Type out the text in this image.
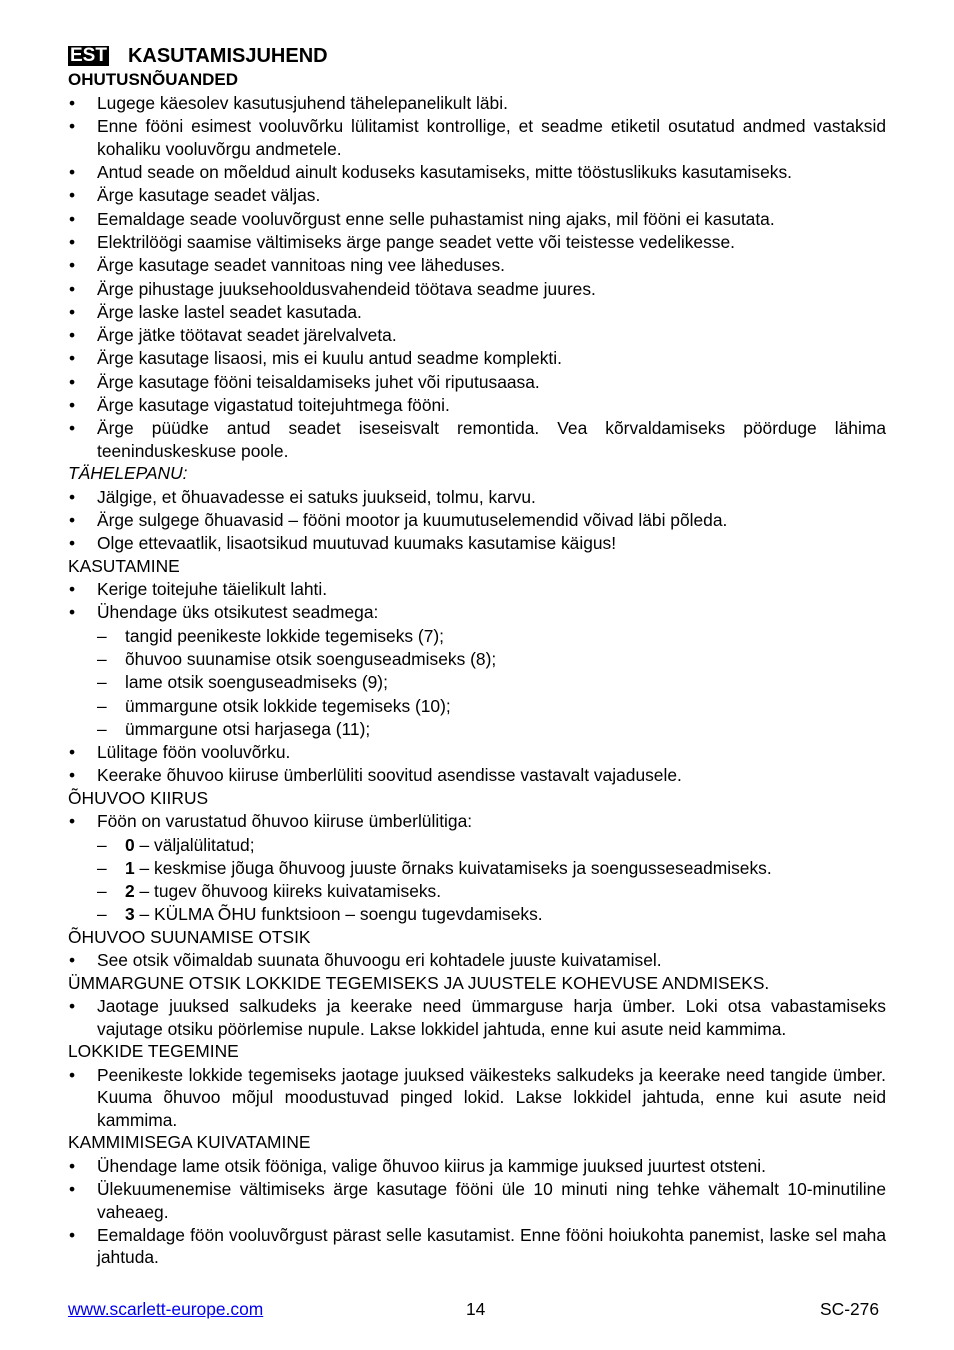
EST KASUTAMISJUHEND
OHUTUSNÕUANDED
•	Lugege käesolev kasutusjuhend tähelepanelikult läbi.
•	Enne fööni esimest vooluvõrku lülitamist kontrollige, et seadme etiketil osutatud andmed vastaksid kohaliku vooluvõrgu andmetele.
•	Antud seade on mõeldud ainult koduseks kasutamiseks, mitte tööstuslikuks kasutamiseks.
•	Ärge kasutage seadet väljas.
•	Eemaldage seade vooluvõrgust enne selle puhastamist ning ajaks, mil fööni ei kasutata.
•	Elektrilöögi saamise vältimiseks ärge pange seadet vette või teistesse vedelikesse.
•	Ärge kasutage seadet vannitoas ning vee läheduses.
•	Ärge pihustage juuksehooldusvahendeid töötava seadme juures.
•	Ärge laske lastel seadet kasutada.
•	Ärge jätke töötavat seadet järelvalveta.
•	Ärge kasutage lisaosi, mis ei kuulu antud seadme komplekti.
•	Ärge kasutage fööni teisaldamiseks juhet või riputusaasa.
•	Ärge kasutage vigastatud toitejuhtmega fööni.
•	Ärge püüdke antud seadet iseseisvalt remontida. Vea kõrvaldamiseks pöörduge lähima teeninduskeskuse poole.
TÄHELEPANU:
•	Jälgige, et õhuavadesse ei satuks juukseid, tolmu, karvu.
•	Ärge sulgege õhuavasid – fööni mootor ja kuumutuselemendid võivad läbi põleda.
•	Olge ettevaatlik, lisaotsikud muutuvad kuumaks kasutamise käigus!
KASUTAMINE
•	Kerige toitejuhe täielikult lahti.
•	Ühendage üks otsikutest seadmega:
–	tangid peenikeste lokkide tegemiseks (7);
–	õhuvoo suunamise otsik soenguseadmiseks (8);
–	lame otsik soenguseadmiseks (9);
–	ümmargune otsik lokkide tegemiseks (10);
–	ümmargune otsi harjasega (11);
•	Lülitage föön vooluvõrku.
•	Keerake õhuvoo kiiruse ümberlüliti soovitud asendisse vastavalt vajadusele.
ÕHUVOO KIIRUS
•	Föön on varustatud õhuvoo kiiruse ümberlülitiga:
–	0 – väljalülitatud;
–	1 – keskmise jõuga õhuvoog juuste õrnaks kuivatamiseks ja soengusseseadmiseks.
–	2 – tugev õhuvoog kiireks kuivatamiseks.
–	3 – KÜLMA ÕHU funktsioon – soengu tugevdamiseks.
ÕHUVOO SUUNAMISE OTSIK
•	See otsik võimaldab suunata õhuvoogu eri kohtadele juuste kuivatamisel.
ÜMMARGUNE OTSIK LOKKIDE TEGEMISEKS JA JUUSTELE KOHEVUSE ANDMISEKS.
•	Jaotage juuksed salkudeks ja keerake need ümmarguse harja ümber. Loki otsa vabastamiseks vajutage otsiku pöörlemise nupule. Lakse lokkidel jahtuda, enne kui asute neid kammima.
LOKKIDE TEGEMINE
•	Peenikeste lokkide tegemiseks jaotage juuksed väikesteks salkudeks ja keerake need tangide ümber. Kuuma õhuvoo mõjul moodustuvad pinged lokid. Lakse lokkidel jahtuda, enne kui asute neid kammima.
KAMMIMISEGA KUIVATAMINE
•	Ühendage lame otsik fööniga, valige õhuvoo kiirus ja kammige juuksed juurtest otsteni.
•	Ülekuumenemise vältimiseks ärge kasutage fööni üle 10 minuti ning tehke vähemalt 10-minutiline vaheaeg.
•	Eemaldage föön vooluvõrgust pärast selle kasutamist. Enne fööni hoiukohta panemist, laske sel maha jahtuda.
www.scarlett-europe.com	14	SC-276
